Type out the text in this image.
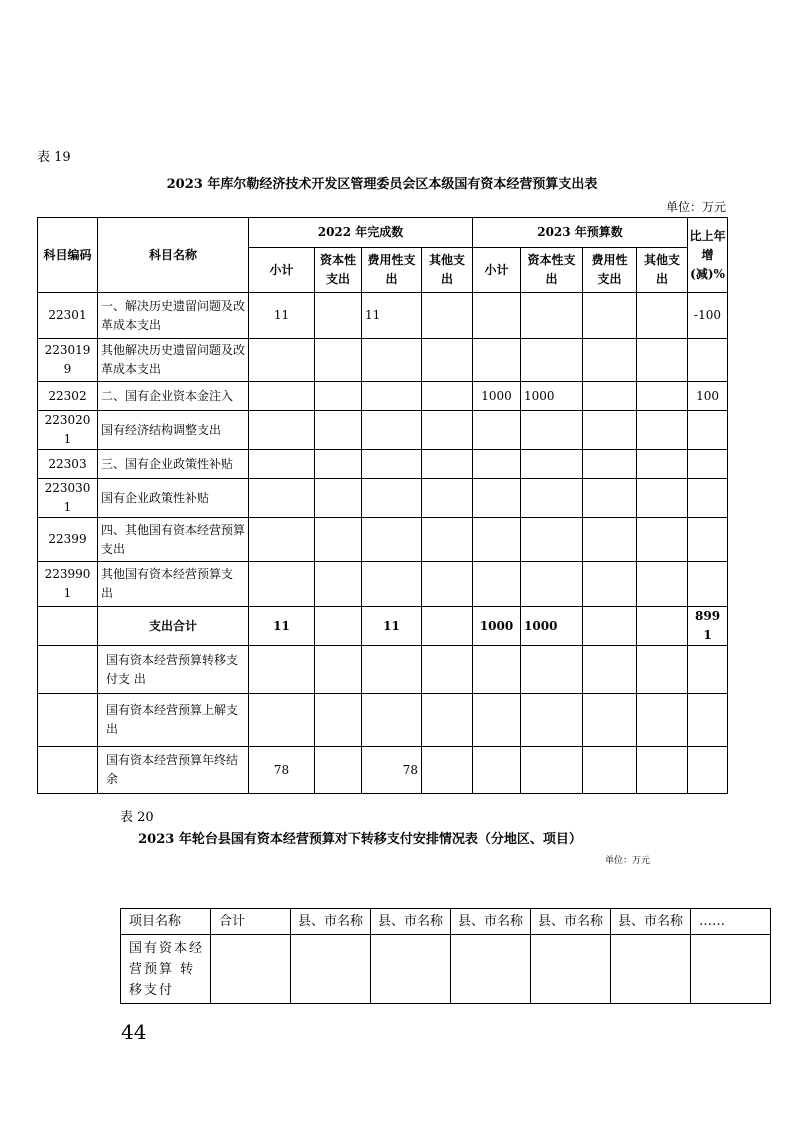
表 19
2023 年库尔勒经济技术开发区管理委员会区本级国有资本经营预算支出表
单位：万元
科目编码	科目名称	2022 年完成数				2023 年预算数				比上年增(减)%
		小计	资本性支出	费用性支出	其他支出	小计	资本性支出	费用性支出	其他支出	
22301	一、解决历史遗留问题及改革成本支出	11		11						-100
2230199	其他解决历史遗留问题及改革成本支出									
22302	二、国有企业资本金注入					1000	1000			100
2230201	国有经济结构调整支出									
22303	三、国有企业政策性补贴									
2230301	国有企业政策性补贴									
22399	四、其他国有资本经营预算支出									
2239901	其他国有资本经营预算支 出									
	支出合计	11		11		1000	1000			8991
	国有资本经营预算转移支付支 出									
	国有资本经营预算上解支出									
	国有资本经营预算年终结余	78		78						
表 20
2023 年轮台县国有资本经营预算对下转移支付安排情况表（分地区、项目）
单位：万元
项目名称	合计	县、市名称	县、市名称	县、市名称	县、市名称	县、市名称	……
国有资本经营预算 转移支付							
44
